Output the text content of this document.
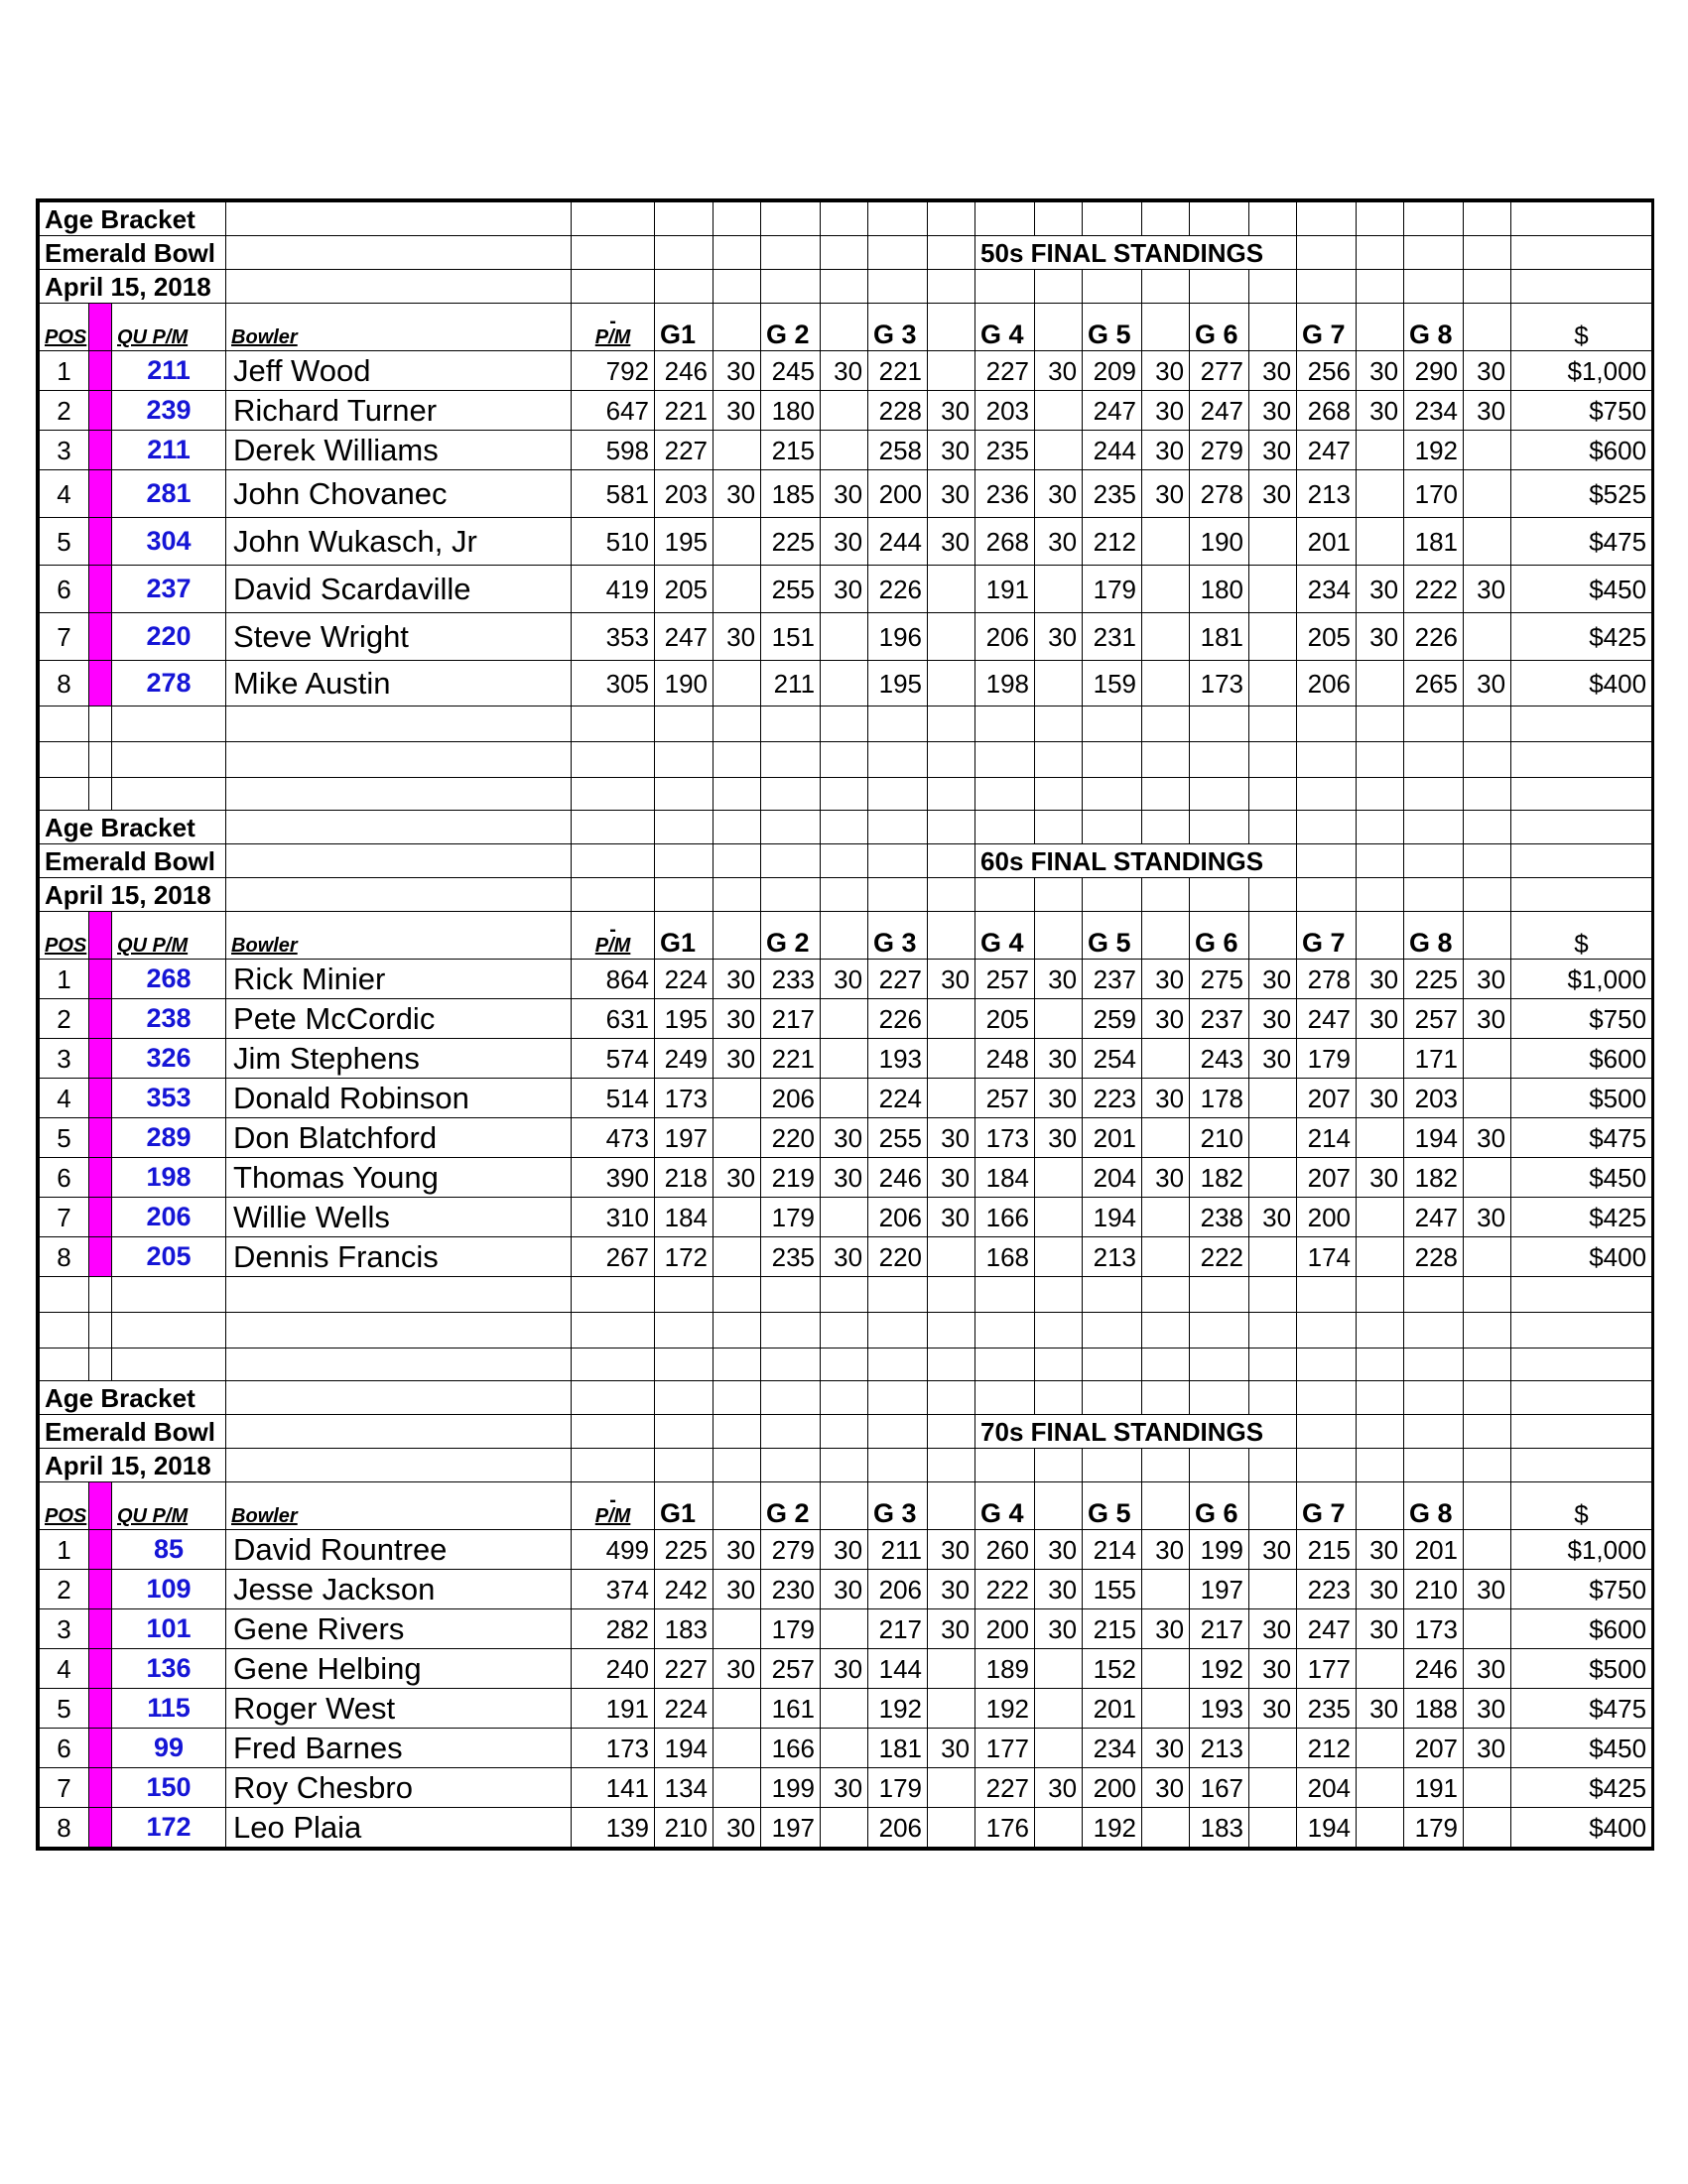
Age Bracket																					
Emerald Bowl											50s FINAL STANDINGS										
April 15, 2018																					
POS		QU P/M	Bowler	-
P/M	G1		G 2		G 3		G 4		G 5		G 6		G 7		G 8		$
1		211	Jeff Wood	792	246	30	245	30	221		227	30	209	30	277	30	256	30	290	30	$1,000
2		239	Richard Turner	647	221	30	180		228	30	203		247	30	247	30	268	30	234	30	$750
3		211	Derek Williams	598	227		215		258	30	235		244	30	279	30	247		192		$600
4		281	John Chovanec	581	203	30	185	30	200	30	236	30	235	30	278	30	213		170		$525
5		304	John Wukasch, Jr	510	195		225	30	244	30	268	30	212		190		201		181		$475
6		237	David Scardaville	419	205		255	30	226		191		179		180		234	30	222	30	$450
7		220	Steve Wright	353	247	30	151		196		206	30	231		181		205	30	226		$425
8		278	Mike Austin	305	190		211		195		198		159		173		206		265	30	$400

Age Bracket																					
Emerald Bowl											60s FINAL STANDINGS										
April 15, 2018																					
POS		QU P/M	Bowler	-
P/M	G1		G 2		G 3		G 4		G 5		G 6		G 7		G 8		$
1		268	Rick Minier	864	224	30	233	30	227	30	257	30	237	30	275	30	278	30	225	30	$1,000
2		238	Pete McCordic	631	195	30	217		226		205		259	30	237	30	247	30	257	30	$750
3		326	Jim Stephens	574	249	30	221		193		248	30	254		243	30	179		171		$600
4		353	Donald Robinson	514	173		206		224		257	30	223	30	178		207	30	203		$500
5		289	Don Blatchford	473	197		220	30	255	30	173	30	201		210		214		194	30	$475
6		198	Thomas Young	390	218	30	219	30	246	30	184		204	30	182		207	30	182		$450
7		206	Willie Wells	310	184		179		206	30	166		194		238	30	200		247	30	$425
8		205	Dennis Francis	267	172		235	30	220		168		213		222		174		228		$400

Age Bracket																					
Emerald Bowl											70s FINAL STANDINGS										
April 15, 2018																					
POS		QU P/M	Bowler	-
P/M	G1		G 2		G 3		G 4		G 5		G 6		G 7		G 8		$
1		85	David Rountree	499	225	30	279	30	211	30	260	30	214	30	199	30	215	30	201		$1,000
2		109	Jesse Jackson	374	242	30	230	30	206	30	222	30	155		197		223	30	210	30	$750
3		101	Gene Rivers	282	183		179		217	30	200	30	215	30	217	30	247	30	173		$600
4		136	Gene Helbing	240	227	30	257	30	144		189		152		192	30	177		246	30	$500
5		115	Roger West	191	224		161		192		192		201		193	30	235	30	188	30	$475
6		99	Fred Barnes	173	194		166		181	30	177		234	30	213		212		207	30	$450
7		150	Roy Chesbro	141	134		199	30	179		227	30	200	30	167		204		191		$425
8		172	Leo Plaia	139	210	30	197		206		176		192		183		194		179		$400
